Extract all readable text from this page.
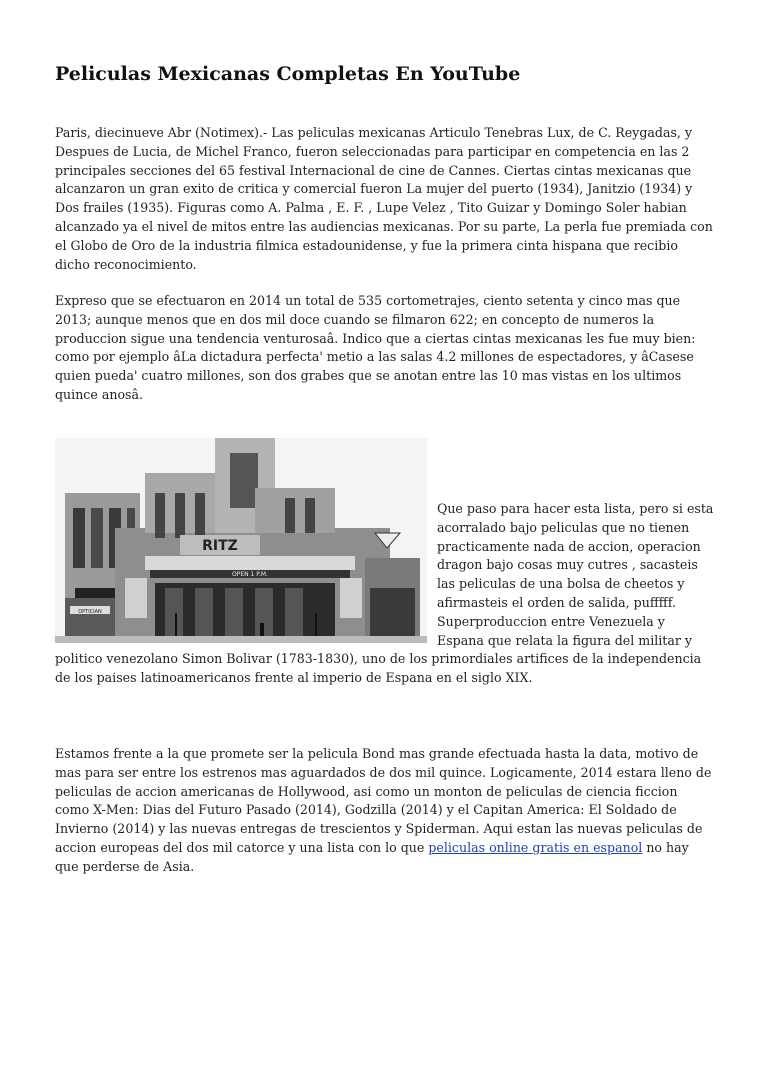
Peliculas Mexicanas Completas En YouTube

Paris, diecinueve Abr (Notimex).- Las peliculas mexicanas Articulo Tenebras Lux, de C. Reygadas, y Despues de Lucia, de Michel Franco, fueron seleccionadas para participar en competencia en las 2 principales secciones del 65 festival Internacional de cine de Cannes. Ciertas cintas mexicanas que alcanzaron un gran exito de critica y comercial fueron La mujer del puerto (1934), Janitzio (1934) y Dos frailes (1935). Figuras como A. Palma , E. F. , Lupe Velez , Tito Guizar y Domingo Soler habian alcanzado ya el nivel de mitos entre las audiencias mexicanas. Por su parte, La perla fue premiada con el Globo de Oro de la industria filmica estadounidense, y fue la primera cinta hispana que recibio dicho reconocimiento.

Expreso que se efectuaron en 2014 un total de 535 cortometrajes, ciento setenta y cinco mas que 2013; aunque menos que en dos mil doce cuando se filmaron 622; en concepto de numeros la produccion sigue una tendencia venturosaâ. Indico que a ciertas cintas mexicanas les fue muy bien: como por ejemplo âLa dictadura perfecta' metio a las salas 4.2 millones de espectadores, y âCasese quien pueda' cuatro millones, son dos grabes que se anotan entre las 10 mas vistas en los ultimos quince anosâ.

RITZ
OPEN 1 P.M.
OPTICIAN
Que paso para hacer esta lista, pero si esta acorralado bajo peliculas que no tienen practicamente nada de accion, operacion dragon bajo cosas muy cutres , sacasteis las peliculas de una bolsa de cheetos y afirmasteis el orden de salida, pufffff. Superproduccion entre Venezuela y Espana que relata la figura del militar y politico venezolano Simon Bolivar (1783-1830), uno de los primordiales artifices de la independencia de los paises latinoamericanos frente al imperio de Espana en el siglo XIX.

Estamos frente a la que promete ser la pelicula Bond mas grande efectuada hasta la data, motivo de mas para ser entre los estrenos mas aguardados de dos mil quince. Logicamente, 2014 estara lleno de peliculas de accion americanas de Hollywood, asi como un monton de peliculas de ciencia ficcion como X-Men: Dias del Futuro Pasado (2014), Godzilla (2014) y el Capitan America: El Soldado de Invierno (2014) y las nuevas entregas de trescientos y Spiderman. Aqui estan las nuevas peliculas de accion europeas del dos mil catorce y una lista con lo que peliculas online gratis en espanol no hay que perderse de Asia.
